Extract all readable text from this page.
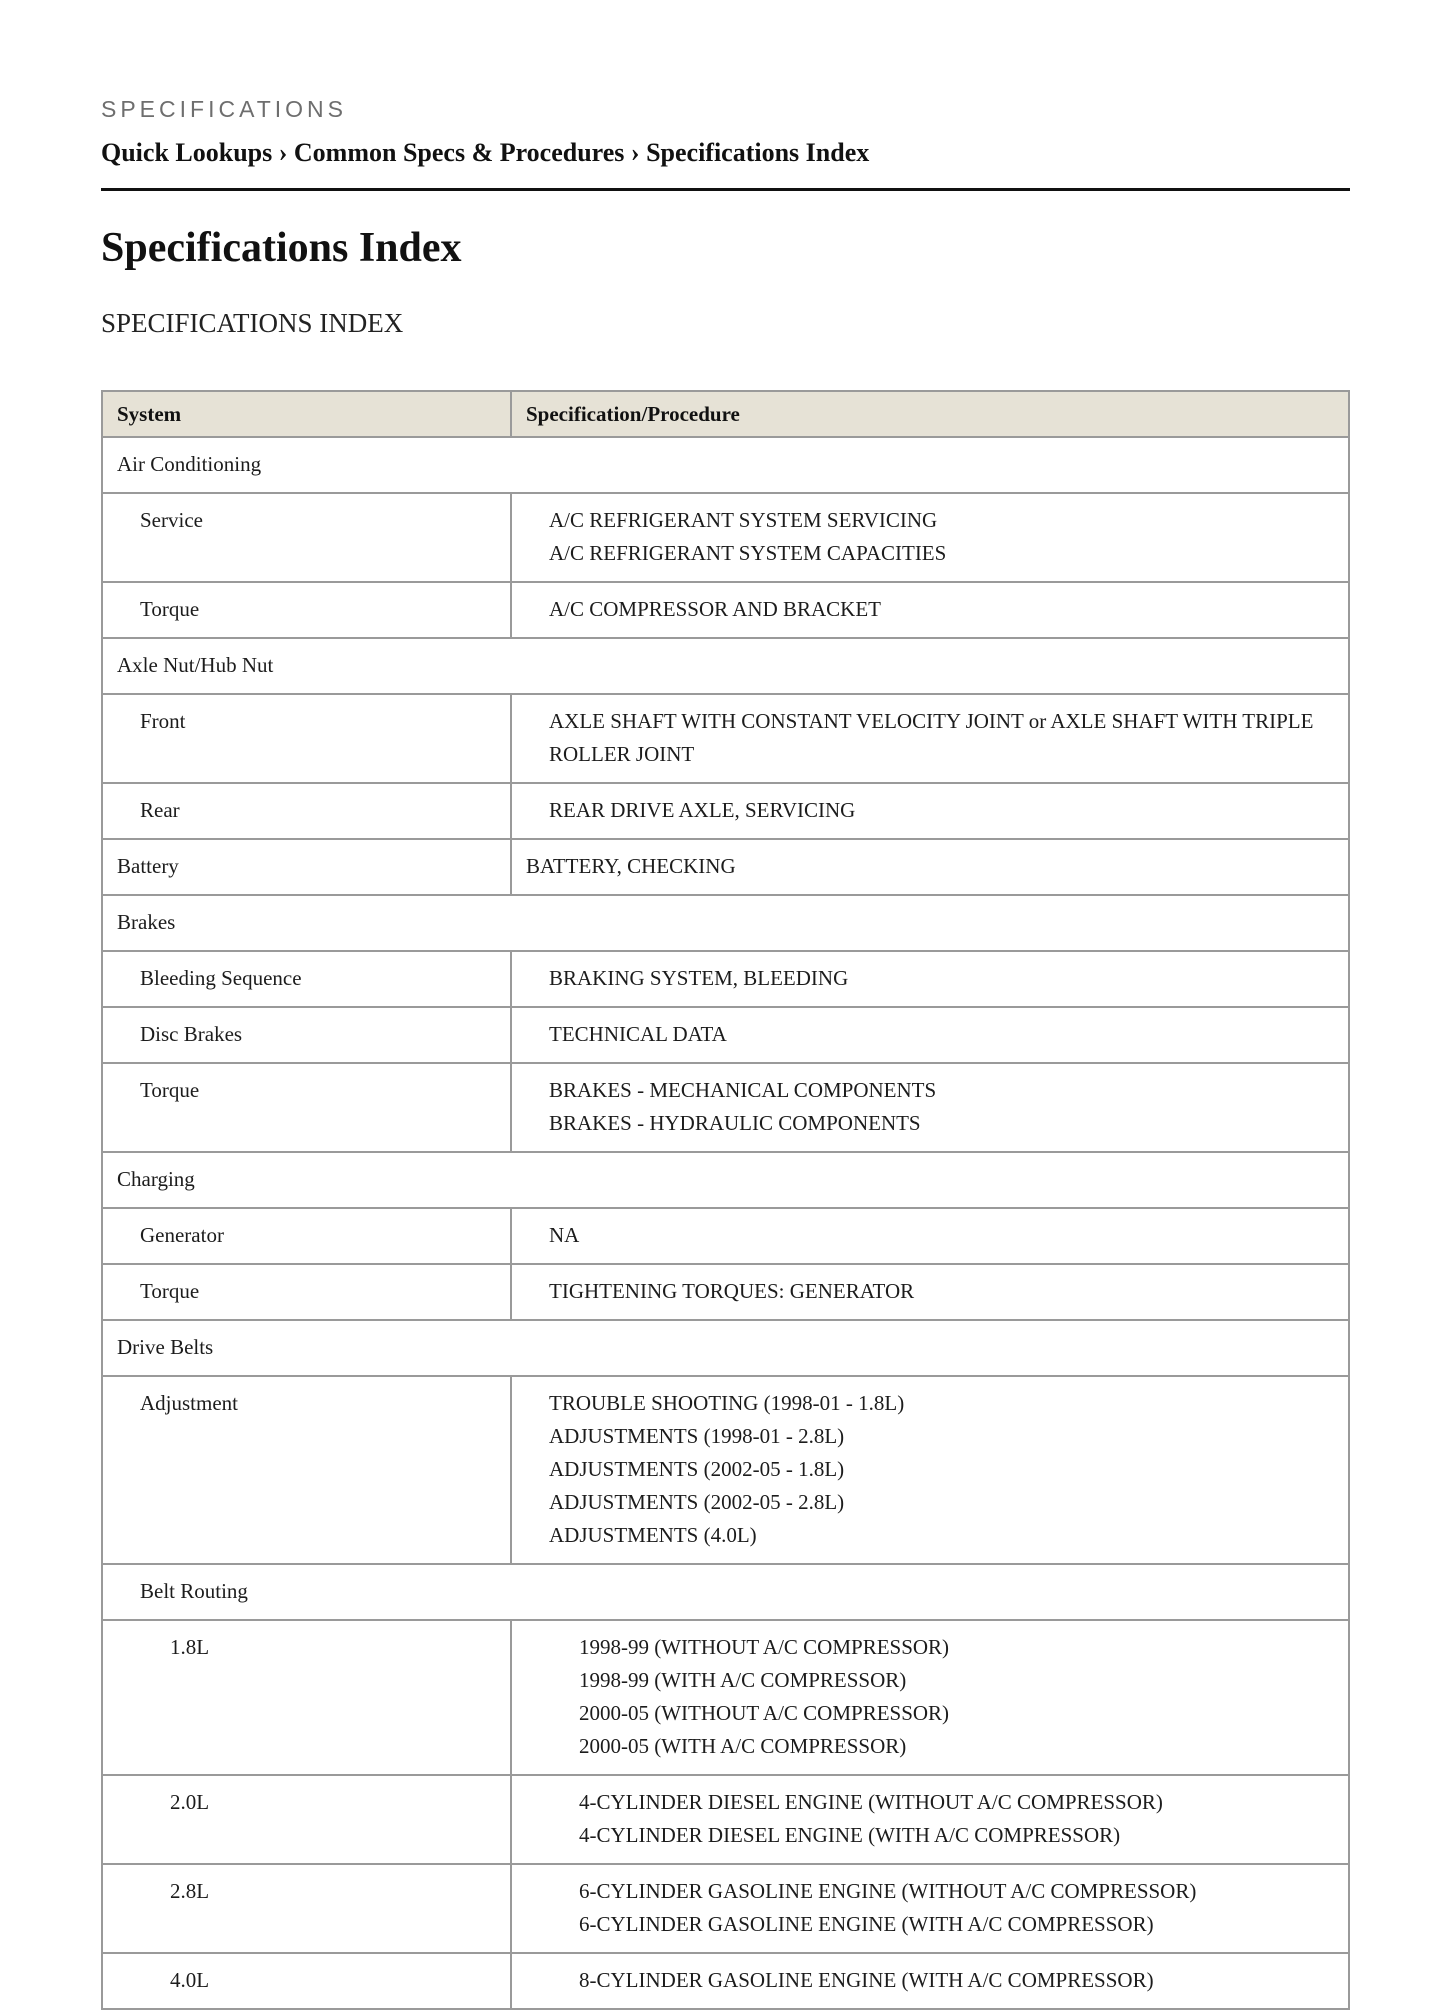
SPECIFICATIONS
Quick Lookups › Common Specs & Procedures › Specifications Index
Specifications Index
SPECIFICATIONS INDEX
System	Specification/Procedure

Air Conditioning	

Service	A/C REFRIGERANT SYSTEM SERVICING
A/C REFRIGERANT SYSTEM CAPACITIES

Torque	A/C COMPRESSOR AND BRACKET

Axle Nut/Hub Nut	

Front	AXLE SHAFT WITH CONSTANT VELOCITY JOINT or AXLE SHAFT WITH TRIPLE ROLLER JOINT

Rear	REAR DRIVE AXLE, SERVICING

Battery	BATTERY, CHECKING

Brakes	

Bleeding Sequence	BRAKING SYSTEM, BLEEDING

Disc Brakes	TECHNICAL DATA

Torque	BRAKES - MECHANICAL COMPONENTS
BRAKES - HYDRAULIC COMPONENTS

Charging	

Generator	NA

Torque	TIGHTENING TORQUES: GENERATOR

Drive Belts	

Adjustment	TROUBLE SHOOTING (1998-01 - 1.8L)
ADJUSTMENTS (1998-01 - 2.8L)
ADJUSTMENTS (2002-05 - 1.8L)
ADJUSTMENTS (2002-05 - 2.8L)
ADJUSTMENTS (4.0L)

Belt Routing	

1.8L	1998-99 (WITHOUT A/C COMPRESSOR)
1998-99 (WITH A/C COMPRESSOR)
2000-05 (WITHOUT A/C COMPRESSOR)
2000-05 (WITH A/C COMPRESSOR)

2.0L	4-CYLINDER DIESEL ENGINE (WITHOUT A/C COMPRESSOR)
4-CYLINDER DIESEL ENGINE (WITH A/C COMPRESSOR)

2.8L	6-CYLINDER GASOLINE ENGINE (WITHOUT A/C COMPRESSOR)
6-CYLINDER GASOLINE ENGINE (WITH A/C COMPRESSOR)

4.0L	8-CYLINDER GASOLINE ENGINE (WITH A/C COMPRESSOR)
